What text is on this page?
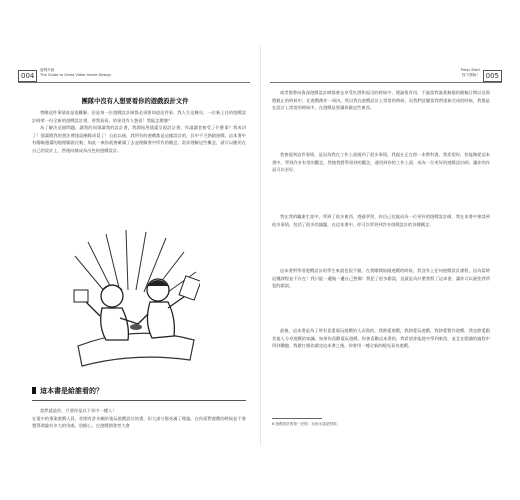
004
遊戲升級
The Guide to Great Video Game Design
團隊中沒有人想要看你的遊戲設計文件

替剛這件事情真是很難解。但是每一位遊戲設計師都必須要知道這件事。我人生這幾年，一位新上任的遊戲設計師拿一份全新的遊戲設計書，要我看看，結果沒有人想看！我能怎麼辦？

為了解決這個問題，讓我的同事讀我的設計書，我開始用插畫呈現設計書，作請讀者接受了什麼事？我成功了！插畫將我的想法傳達給團隊成員了！自此以後，我所有的遊戲都是這樣設計的，其中不乏熱銷遊戲。這本書中有簡略漫畫的地理解說比較，如此一來你就會確讀了去並理解書中所有的概念，當你理解這些概念，就可以應用在自己的設計上，然後同樣成為出色的遊戲設計。

這本書是給誰看的？

當然就是你，只要你是以下其中一種人！

在電中的專業遊戲人員，你開有許多關於電玩遊戲設計的書，但大部分都充滿了理論，在你面對遊戲的時候並不會覺得理論有多大的用處。別擔心，在遊戲開發者大會

005
Press Start
按下開始！
或者都曾向資深遊戲設計師都會去享受紅酒和起司的時候中，理論很有用，不過當我過著無窮的截稿日期以及即將截止的時候中，在遊戲創作一周內，所以我在遊戲設計上常常的時候，而我們討厭當我們重新完成的時候，我都是在設計上常常的時候中，在遊戲是要讓你做這些東西。
我會提到這件事情，是因為我在工作上面遇到了很多事情，我現在正在寫一本教科書。我希望你，你能夠從這本書中，學到許多有用的觀念，然後我將學習到的觀念，運用到你的工作上面，成為一位更好的遊戲設計師，讓你的作品可以更好。
我在我的職業生涯中，學到了很多東西，透過學習，你自己也能成為一位更好的遊戲設計師，我在本書中會談到很多事情，包括了很多的議題，在這本書中，你可以學習到許多遊戲設計的各種概念。
這本書對學習遊戲設計的學生來說也很不錯，在我剛開始做遊戲的時候，我沒有上任何遊戲設計課程，因為當時這種課程並不存在！我只能一邊做一邊自己想像！我犯了很多錯誤，這就是為什麼我寫了這本書，讓你可以避免我所犯的錯誤。
最後，這本書是為了所有喜愛電玩遊戲的人而寫的，我熱愛遊戲，我熱愛玩遊戲，我熱愛製作遊戲，我也熱愛跟其他人分享遊戲的知識，如果你喜歡電玩遊戲，你會喜歡這本書的，我希望你能從中學到東西，並且在閱讀的過程中得到樂趣，我敢打賭你讀完這本書之後，你會用一種全新的眼光看待遊戲。
6 遊戲設計的第一法則：玩家永遠是對的。
